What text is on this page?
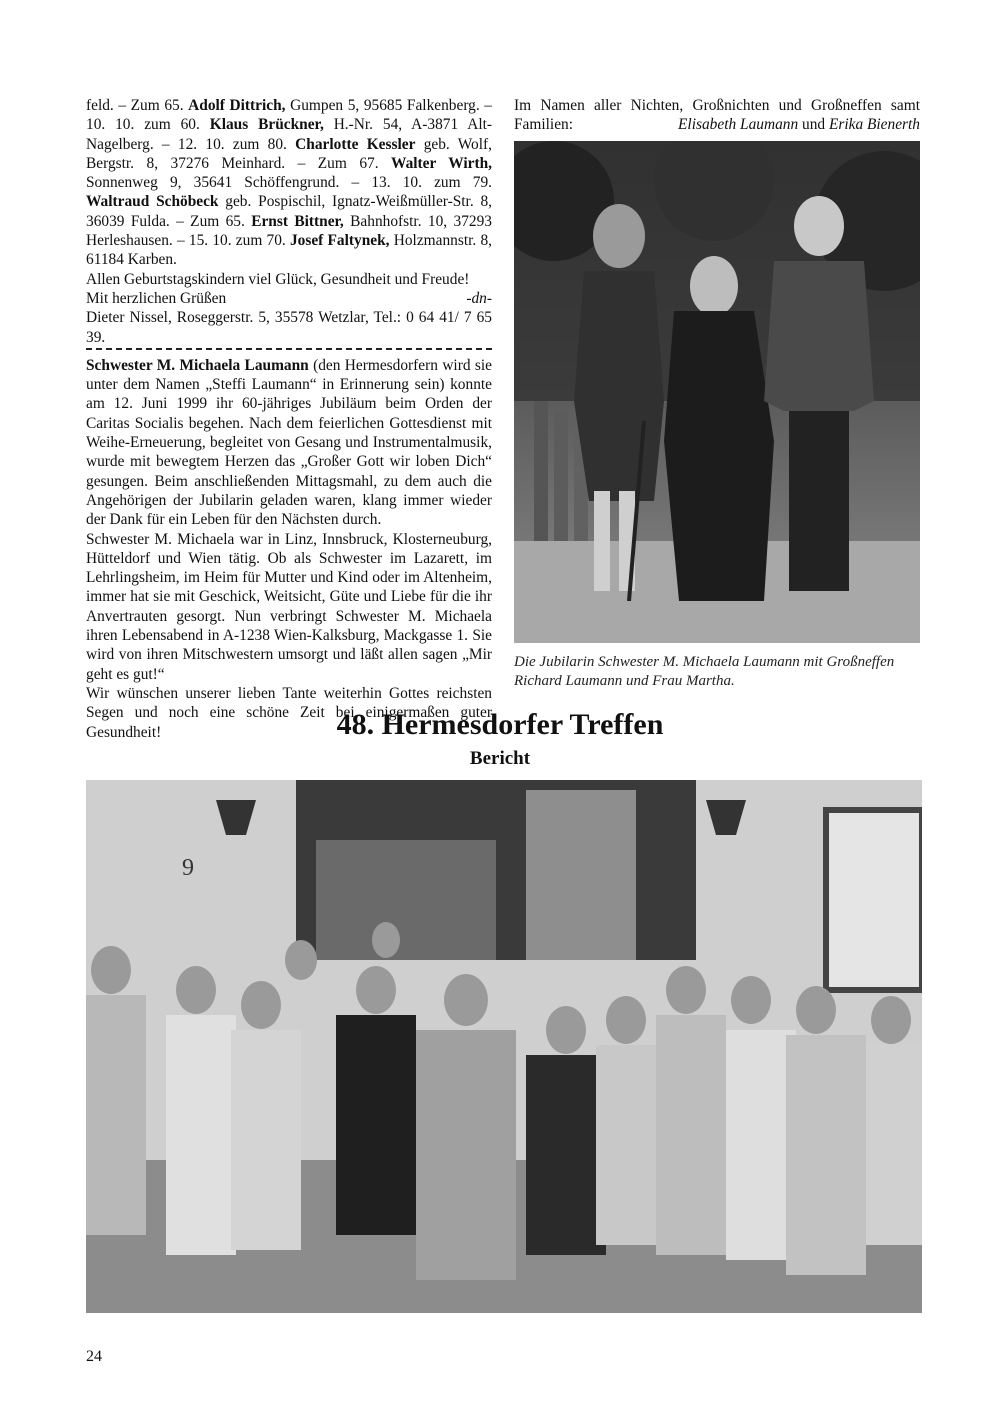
feld. – Zum 65. Adolf Dittrich, Gumpen 5, 95685 Falkenberg. – 10. 10. zum 60. Klaus Brückner, H.-Nr. 54, A-3871 Alt-Nagelberg. – 12. 10. zum 80. Charlotte Kessler geb. Wolf, Bergstr. 8, 37276 Meinhard. – Zum 67. Walter Wirth, Sonnenweg 9, 35641 Schöffengrund. – 13. 10. zum 79. Waltraud Schöbeck geb. Pospischil, Ignatz-Weißmüller-Str. 8, 36039 Fulda. – Zum 65. Ernst Bittner, Bahnhofstr. 10, 37293 Herleshausen. – 15. 10. zum 70. Josef Faltynek, Holzmannstr. 8, 61184 Karben.

Allen Geburtstagskindern viel Glück, Gesundheit und Freude!

Mit herzlichen Grüßen	-dn-

Dieter Nissel, Roseggerstr. 5, 35578 Wetzlar, Tel.: 0 64 41/ 7 65 39.

Schwester M. Michaela Laumann (den Hermesdorfern wird sie unter dem Namen „Steffi Laumann“ in Erinnerung sein) konnte am 12. Juni 1999 ihr 60-jähriges Jubiläum beim Orden der Caritas Socialis begehen. Nach dem feierlichen Gottesdienst mit Weihe-Erneuerung, begleitet von Gesang und Instrumentalmusik, wurde mit bewegtem Herzen das „Großer Gott wir loben Dich“ gesungen. Beim anschließenden Mittagsmahl, zu dem auch die Angehörigen der Jubilarin geladen waren, klang immer wieder der Dank für ein Leben für den Nächsten durch.

Schwester M. Michaela war in Linz, Innsbruck, Klosterneuburg, Hütteldorf und Wien tätig. Ob als Schwester im Lazarett, im Lehrlingsheim, im Heim für Mutter und Kind oder im Altenheim, immer hat sie mit Geschick, Weitsicht, Güte und Liebe für die ihr Anvertrauten gesorgt. Nun verbringt Schwester M. Michaela ihren Lebensabend in A-1238 Wien-Kalksburg, Mackgasse 1. Sie wird von ihren Mitschwestern umsorgt und läßt allen sagen „Mir geht es gut!“

Wir wünschen unserer lieben Tante weiterhin Gottes reichsten Segen und noch eine schöne Zeit bei einigermaßen guter Gesundheit!

Im Namen aller Nichten, Großnichten und Großneffen samt Familien:	Elisabeth Laumann und Erika Bienerth
Die Jubilarin Schwester M. Michaela Laumann mit Großneffen Richard Laumann und Frau Martha.
48. Hermesdorfer Treffen
Bericht
9
24
